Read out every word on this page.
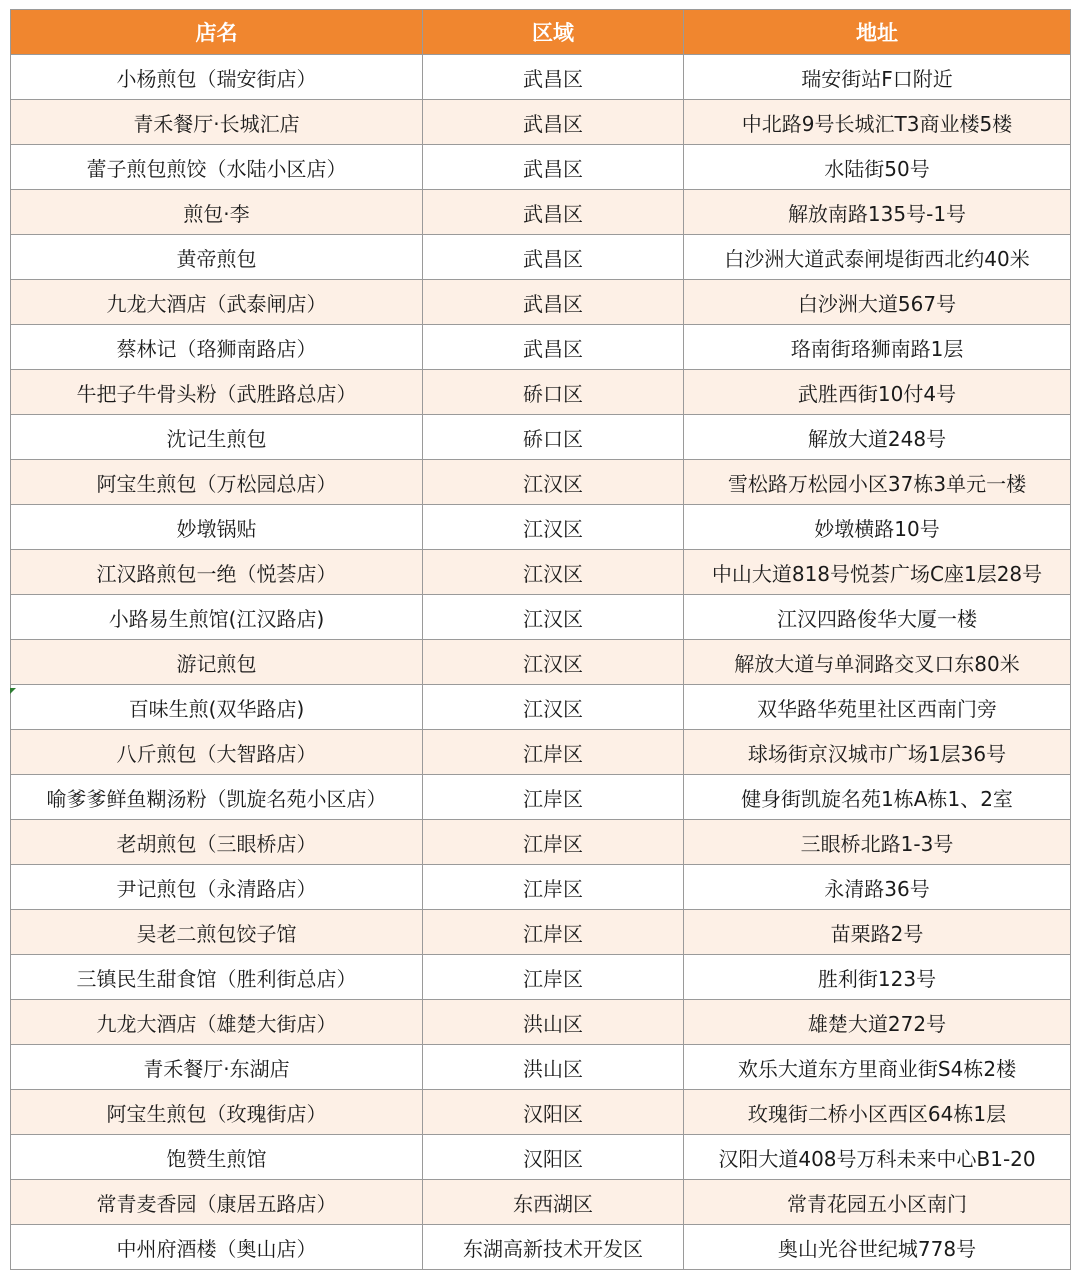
店名	区域	地址
小杨煎包（瑞安街店）	武昌区	瑞安街站F口附近
青禾餐厅·长城汇店	武昌区	中北路9号长城汇T3商业楼5楼
蕾子煎包煎饺（水陆小区店）	武昌区	水陆街50号
煎包·李	武昌区	解放南路135号-1号
黄帝煎包	武昌区	白沙洲大道武泰闸堤街西北约40米
九龙大酒店（武泰闸店）	武昌区	白沙洲大道567号
蔡林记（珞狮南路店）	武昌区	珞南街珞狮南路1层
牛把子牛骨头粉（武胜路总店）	硚口区	武胜西街10付4号
沈记生煎包	硚口区	解放大道248号
阿宝生煎包（万松园总店）	江汉区	雪松路万松园小区37栋3单元一楼
妙墩锅贴	江汉区	妙墩横路10号
江汉路煎包一绝（悦荟店）	江汉区	中山大道818号悦荟广场C座1层28号
小路易生煎馆(江汉路店)	江汉区	江汉四路俊华大厦一楼
游记煎包	江汉区	解放大道与单洞路交叉口东80米
百味生煎(双华路店)	江汉区	双华路华苑里社区西南门旁
八斤煎包（大智路店）	江岸区	球场街京汉城市广场1层36号
喻爹爹鲜鱼糊汤粉（凯旋名苑小区店）	江岸区	健身街凯旋名苑1栋A栋1、2室
老胡煎包（三眼桥店）	江岸区	三眼桥北路1-3号
尹记煎包（永清路店）	江岸区	永清路36号
吴老二煎包饺子馆	江岸区	苗栗路2号
三镇民生甜食馆（胜利街总店）	江岸区	胜利街123号
九龙大酒店（雄楚大街店）	洪山区	雄楚大道272号
青禾餐厅·东湖店	洪山区	欢乐大道东方里商业街S4栋2楼
阿宝生煎包（玫瑰街店）	汉阳区	玫瑰街二桥小区西区64栋1层
饱赞生煎馆	汉阳区	汉阳大道408号万科未来中心B1-20
常青麦香园（康居五路店）	东西湖区	常青花园五小区南门
中州府酒楼（奥山店）	东湖高新技术开发区	奥山光谷世纪城778号
